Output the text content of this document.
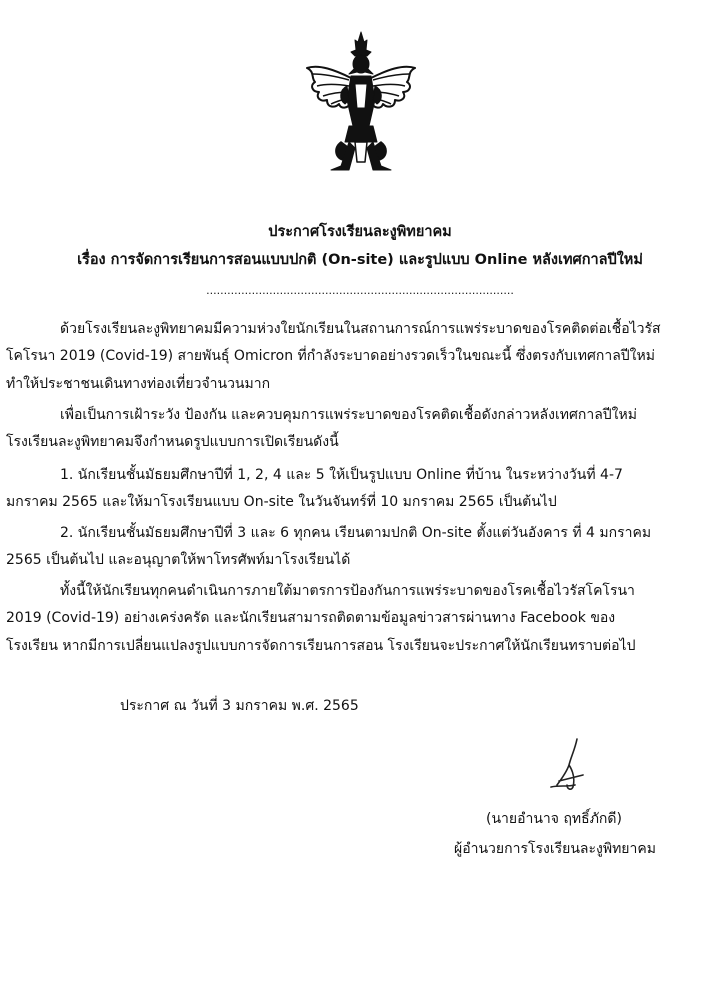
ประกาศโรงเรียนละงูพิทยาคม
เรื่อง การจัดการเรียนการสอนแบบปกติ (On-site) และรูปแบบ Online หลังเทศกาลปีใหม่
........................................................................................
ด้วยโรงเรียนละงูพิทยาคมมีความห่วงใยนักเรียนในสถานการณ์การแพร่ระบาดของโรคติดต่อเชื้อไวรัส
โคโรนา 2019 (Covid-19) สายพันธุ์ Omicron ที่กำลังระบาดอย่างรวดเร็วในขณะนี้ ซึ่งตรงกับเทศกาลปีใหม่
ทำให้ประชาชนเดินทางท่องเที่ยวจำนวนมาก
เพื่อเป็นการเฝ้าระวัง ป้องกัน และควบคุมการแพร่ระบาดของโรคติดเชื้อดังกล่าวหลังเทศกาลปีใหม่
โรงเรียนละงูพิทยาคมจึงกำหนดรูปแบบการเปิดเรียนดังนี้
1. นักเรียนชั้นมัธยมศึกษาปีที่ 1, 2, 4 และ 5 ให้เป็นรูปแบบ Online ที่บ้าน ในระหว่างวันที่ 4-7
มกราคม 2565 และให้มาโรงเรียนแบบ On-site ในวันจันทร์ที่ 10 มกราคม 2565 เป็นต้นไป
2. นักเรียนชั้นมัธยมศึกษาปีที่ 3 และ 6 ทุกคน เรียนตามปกติ On-site ตั้งแต่วันอังคาร ที่ 4 มกราคม
2565 เป็นต้นไป และอนุญาตให้พาโทรศัพท์มาโรงเรียนได้
ทั้งนี้ให้นักเรียนทุกคนดำเนินการภายใต้มาตรการป้องกันการแพร่ระบาดของโรคเชื้อไวรัสโคโรนา
2019 (Covid-19) อย่างเคร่งครัด และนักเรียนสามารถติดตามข้อมูลข่าวสารผ่านทาง Facebook ของ
โรงเรียน หากมีการเปลี่ยนแปลงรูปแบบการจัดการเรียนการสอน โรงเรียนจะประกาศให้นักเรียนทราบต่อไป
ประกาศ ณ วันที่ 3 มกราคม พ.ศ. 2565
(นายอำนาจ ฤทธิ์ภักดี)
ผู้อำนวยการโรงเรียนละงูพิทยาคม
